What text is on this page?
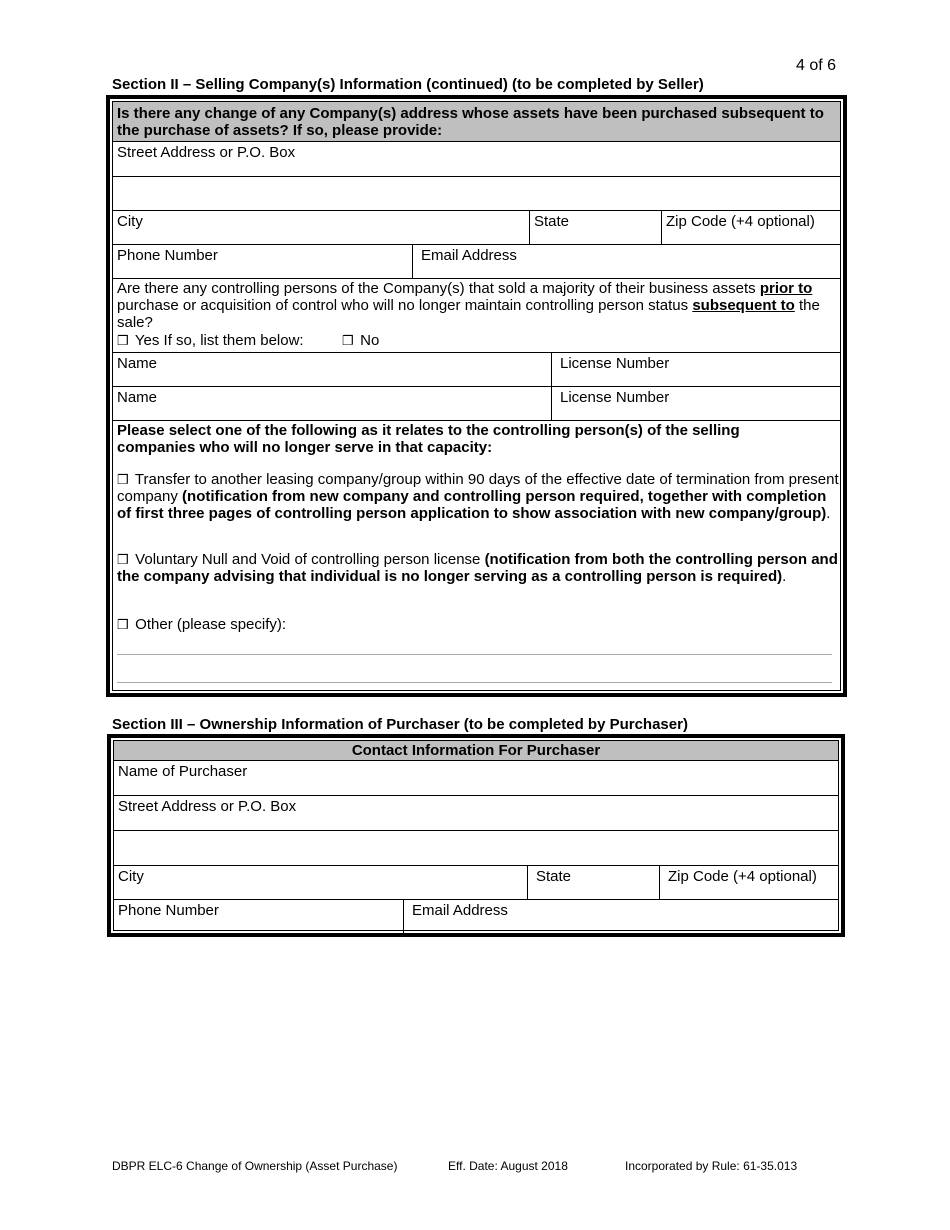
4 of 6
Section II – Selling Company(s) Information (continued) (to be completed by Seller)
Is there any change of any Company(s) address whose assets have been purchased subsequent to the purchase of assets? If so, please provide:
Street Address or P.O. Box
City	State	Zip Code (+4 optional)
Phone Number	Email Address
Are there any controlling persons of the Company(s) that sold a majority of their business assets prior to purchase or acquisition of control who will no longer maintain controlling person status subsequent to the sale?
❒ Yes If so, list them below:	❒ No
Name	License Number
Name	License Number
Please select one of the following as it relates to the controlling person(s) of the selling companies who will no longer serve in that capacity:
❒ Transfer to another leasing company/group within 90 days of the effective date of termination from present company (notification from new company and controlling person required, together with completion of first three pages of controlling person application to show association with new company/group).
❒ Voluntary Null and Void of controlling person license (notification from both the controlling person and the company advising that individual is no longer serving as a controlling person is required).
❒ Other (please specify):
Section III – Ownership Information of Purchaser (to be completed by Purchaser)
Contact Information For Purchaser
Name of Purchaser
Street Address or P.O. Box
City	State	Zip Code (+4 optional)
Phone Number	Email Address
DBPR ELC-6 Change of Ownership (Asset Purchase)	Eff. Date: August 2018	Incorporated by Rule: 61-35.013
